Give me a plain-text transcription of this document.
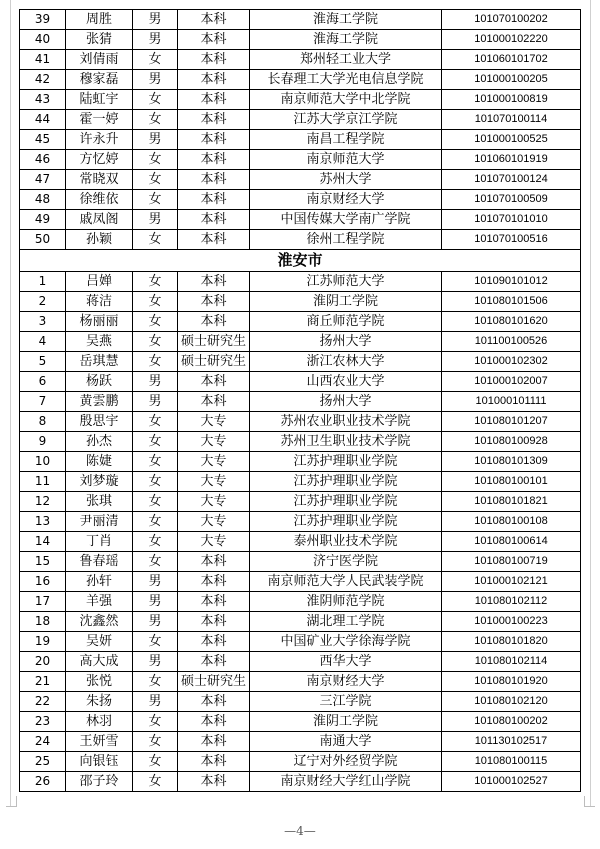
39	周胜	男	本科	淮海工学院	101070100202
40	张猜	男	本科	淮海工学院	101000102220
41	刘倩雨	女	本科	郑州轻工业大学	101060101702
42	穆家磊	男	本科	长春理工大学光电信息学院	101000100205
43	陆虹宇	女	本科	南京师范大学中北学院	101000100819
44	霍一婷	女	本科	江苏大学京江学院	101070100114
45	许永升	男	本科	南昌工程学院	101000100525
46	方忆婷	女	本科	南京师范大学	101060101919
47	常晓双	女	本科	苏州大学	101070100124
48	徐维依	女	本科	南京财经大学	101070100509
49	戚凤阁	男	本科	中国传媒大学南广学院	101070101010
50	孙颖	女	本科	徐州工程学院	101070100516
淮安市					
1	吕婵	女	本科	江苏师范大学	101090101012
2	蒋洁	女	本科	淮阴工学院	101080101506
3	杨丽丽	女	本科	商丘师范学院	101080101620
4	吴燕	女	硕士研究生	扬州大学	101100100526
5	岳琪慧	女	硕士研究生	浙江农林大学	101000102302
6	杨跃	男	本科	山西农业大学	101000102007
7	黄雲鹏	男	本科	扬州大学	101000101111
8	殷思宇	女	大专	苏州农业职业技术学院	101080101207
9	孙杰	女	大专	苏州卫生职业技术学院	101080100928
10	陈婕	女	大专	江苏护理职业学院	101080101309
11	刘梦璇	女	大专	江苏护理职业学院	101080100101
12	张琪	女	大专	江苏护理职业学院	101080101821
13	尹丽清	女	大专	江苏护理职业学院	101080100108
14	丁肖	女	大专	泰州职业技术学院	101080100614
15	鲁春瑶	女	本科	济宁医学院	101080100719
16	孙轩	男	本科	南京师范大学人民武装学院	101000102121
17	羊强	男	本科	淮阴师范学院	101080102112
18	沈鑫然	男	本科	湖北理工学院	101000100223
19	吴妍	女	本科	中国矿业大学徐海学院	101080101820
20	高大成	男	本科	西华大学	101080102114
21	张悦	女	硕士研究生	南京财经大学	101080101920
22	朱扬	男	本科	三江学院	101080102120
23	林羽	女	本科	淮阴工学院	101080100202
24	王妍雪	女	本科	南通大学	101130102517
25	向银钰	女	本科	辽宁对外经贸学院	101080100115
26	邵子玲	女	本科	南京财经大学红山学院	101000102527
—4—
